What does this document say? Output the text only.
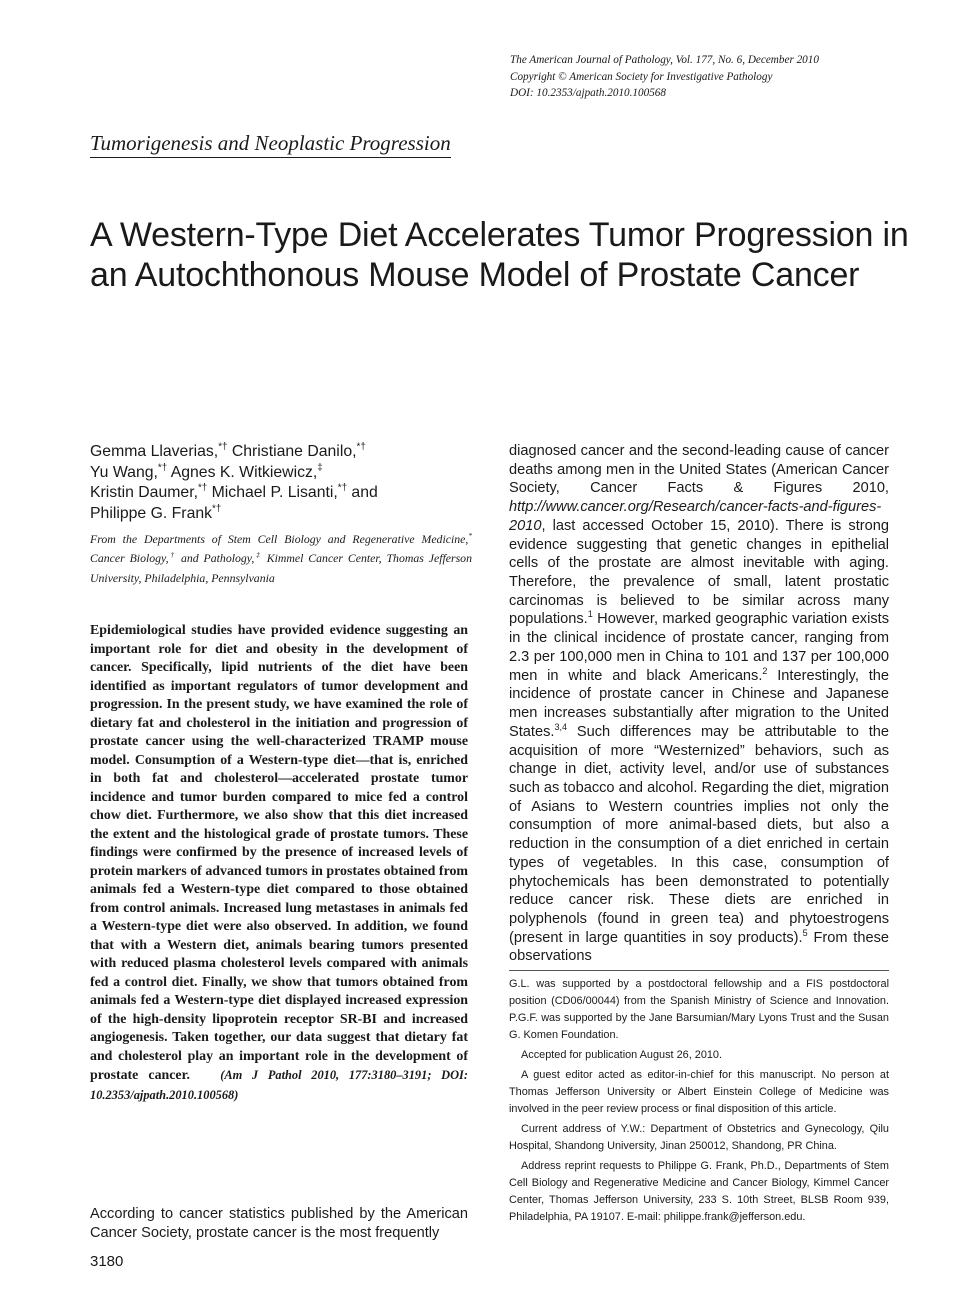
The American Journal of Pathology, Vol. 177, No. 6, December 2010
Copyright © American Society for Investigative Pathology
DOI: 10.2353/ajpath.2010.100568
Tumorigenesis and Neoplastic Progression
A Western-Type Diet Accelerates Tumor Progression in an Autochthonous Mouse Model of Prostate Cancer
Gemma Llaverias,*† Christiane Danilo,*†
Yu Wang,*† Agnes K. Witkiewicz,‡
Kristin Daumer,*† Michael P. Lisanti,*† and
Philippe G. Frank*†
From the Departments of Stem Cell Biology and Regenerative Medicine,* Cancer Biology,† and Pathology,‡ Kimmel Cancer Center, Thomas Jefferson University, Philadelphia, Pennsylvania

Epidemiological studies have provided evidence suggesting an important role for diet and obesity in the development of cancer. Specifically, lipid nutrients of the diet have been identified as important regulators of tumor development and progression. In the present study, we have examined the role of dietary fat and cholesterol in the initiation and progression of prostate cancer using the well-characterized TRAMP mouse model. Consumption of a Western-type diet—that is, enriched in both fat and cholesterol—accelerated prostate tumor incidence and tumor burden compared to mice fed a control chow diet. Furthermore, we also show that this diet increased the extent and the histological grade of prostate tumors. These findings were confirmed by the presence of increased levels of protein markers of advanced tumors in prostates obtained from animals fed a Western-type diet compared to those obtained from control animals. Increased lung metastases in animals fed a Western-type diet were also observed. In addition, we found that with a Western diet, animals bearing tumors presented with reduced plasma cholesterol levels compared with animals fed a control diet. Finally, we show that tumors obtained from animals fed a Western-type diet displayed increased expression of the high-density lipoprotein receptor SR-BI and increased angiogenesis. Taken together, our data suggest that dietary fat and cholesterol play an important role in the development of prostate cancer. (Am J Pathol 2010, 177:3180–3191; DOI: 10.2353/ajpath.2010.100568)

According to cancer statistics published by the American Cancer Society, prostate cancer is the most frequently

3180

diagnosed cancer and the second-leading cause of cancer deaths among men in the United States (American Cancer Society, Cancer Facts & Figures 2010, http://www.cancer.org/Research/cancer-facts-and-figures-2010, last accessed October 15, 2010). There is strong evidence suggesting that genetic changes in epithelial cells of the prostate are almost inevitable with aging. Therefore, the prevalence of small, latent prostatic carcinomas is believed to be similar across many populations.$^1$ However, marked geographic variation exists in the clinical incidence of prostate cancer, ranging from 2.3 per 100,000 men in China to 101 and 137 per 100,000 men in white and black Americans.$^2$ Interestingly, the incidence of prostate cancer in Chinese and Japanese men increases substantially after migration to the United States.$^{3,4}$ Such differences may be attributable to the acquisition of more “Westernized” behaviors, such as change in diet, activity level, and/or use of substances such as tobacco and alcohol. Regarding the diet, migration of Asians to Western countries implies not only the consumption of more animal-based diets, but also a reduction in the consumption of a diet enriched in certain types of vegetables. In this case, consumption of phytochemicals has been demonstrated to potentially reduce cancer risk. These diets are enriched in polyphenols (found in green tea) and phytoestrogens (present in large quantities in soy products).$^5$ From these observations

G.L. was supported by a postdoctoral fellowship and a FIS postdoctoral position (CD06/00044) from the Spanish Ministry of Science and Innovation. P.G.F. was supported by the Jane Barsumian/Mary Lyons Trust and the Susan G. Komen Foundation.

Accepted for publication August 26, 2010.

A guest editor acted as editor-in-chief for this manuscript. No person at Thomas Jefferson University or Albert Einstein College of Medicine was involved in the peer review process or final disposition of this article.

Current address of Y.W.: Department of Obstetrics and Gynecology, Qilu Hospital, Shandong University, Jinan 250012, Shandong, PR China.

Address reprint requests to Philippe G. Frank, Ph.D., Departments of Stem Cell Biology and Regenerative Medicine and Cancer Biology, Kimmel Cancer Center, Thomas Jefferson University, 233 S. 10th Street, BLSB Room 939, Philadelphia, PA 19107. E-mail: philippe.frank@jefferson.edu.
